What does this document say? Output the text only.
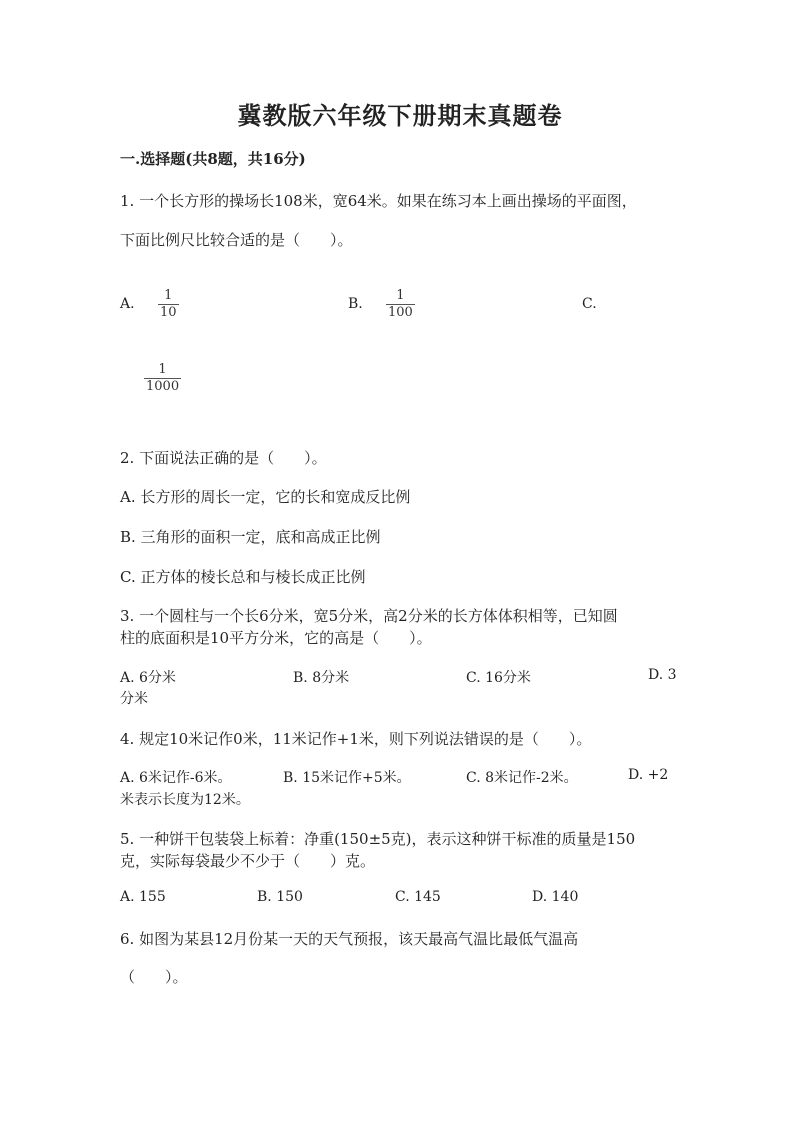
冀教版六年级下册期末真题卷
一.选择题(共8题，共16分)
1. 一个长方形的操场长108米，宽64米。如果在练习本上画出操场的平面图，
下面比例尺比较合适的是（　　）。
A.
1
10
B.
1
100
C.
1
1000
2. 下面说法正确的是（　　）。
A. 长方形的周长一定，它的长和宽成反比例
B. 三角形的面积一定，底和高成正比例
C. 正方体的棱长总和与棱长成正比例
3. 一个圆柱与一个长6分米，宽5分米，高2分米的长方体体积相等，已知圆
柱的底面积是10平方分米，它的高是（　　）。
A. 6分米	B. 8分米	C. 16分米	D. 3
分米
4. 规定10米记作0米，11米记作+1米，则下列说法错误的是（　　）。
A. 6米记作-6米。	B. 15米记作+5米。	C. 8米记作-2米。	D. +2
米表示长度为12米。
5. 一种饼干包装袋上标着：净重(150±5克)，表示这种饼干标准的质量是150
克，实际每袋最少不少于（　　）克。
A. 155	B. 150	C. 145	D. 140
6. 如图为某县12月份某一天的天气预报，该天最高气温比最低气温高
（　　）。
